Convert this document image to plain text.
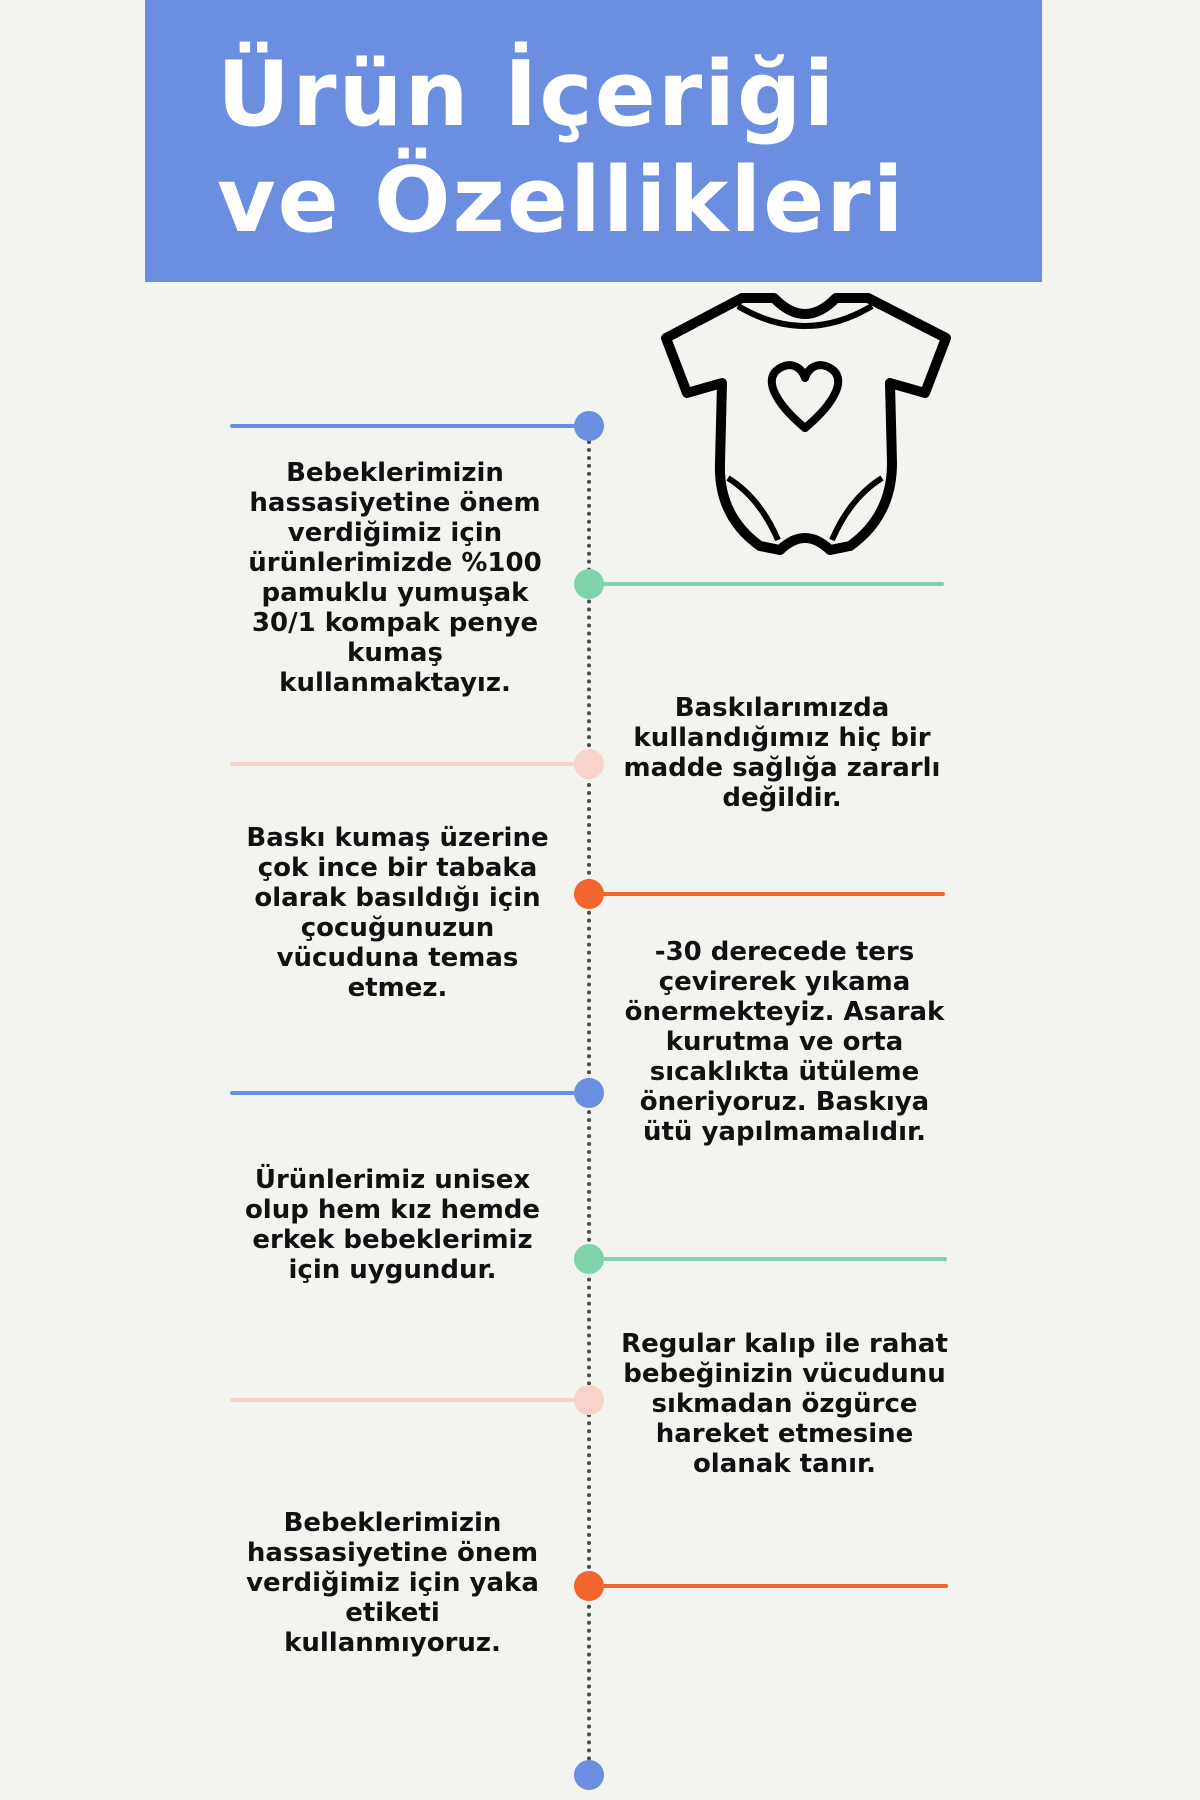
Ürün İçeriği
ve Özellikleri

Bebeklerimizin hassasiyetine önem verdiğimiz için ürünlerimizde %100 pamuklu yumuşak 30/1 kompak penye kumaş kullanmaktayız.

Baskılarımızda kullandığımız hiç bir madde sağlığa zararlı değildir.

Baskı kumaş üzerine çok ince bir tabaka olarak basıldığı için çocuğunuzun vücuduna temas etmez.

-30 derecede ters çevirerek yıkama önermekteyiz. Asarak kurutma ve orta sıcaklıkta ütüleme öneriyoruz. Baskıya ütü yapılmamalıdır.

Ürünlerimiz unisex olup hem kız hemde erkek bebeklerimiz için uygundur.

Regular kalıp ile rahat bebeğinizin vücudunu sıkmadan özgürce hareket etmesine olanak tanır.

Bebeklerimizin hassasiyetine önem verdiğimiz için yaka etiketi kullanmıyoruz.
